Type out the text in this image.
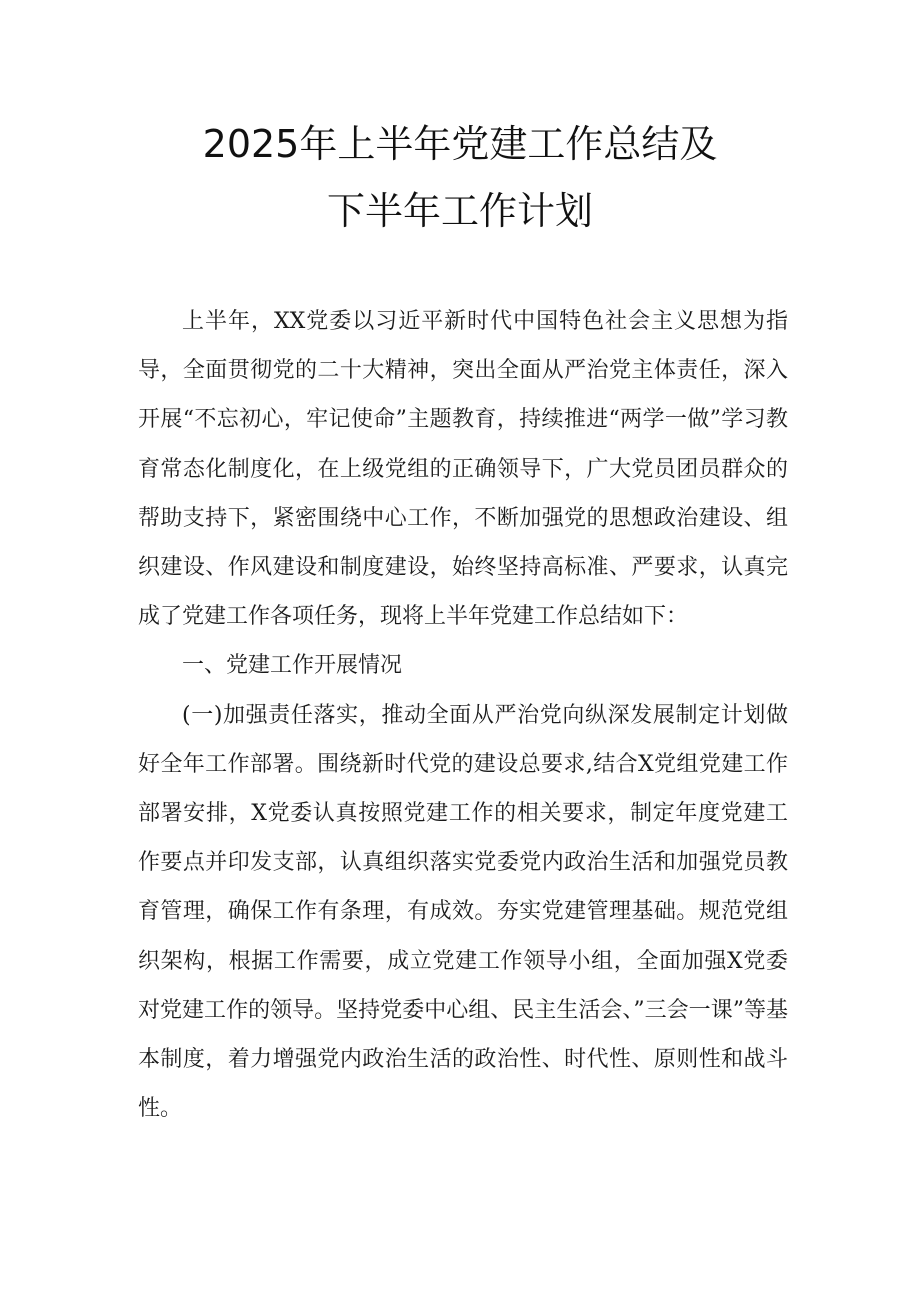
2025年上半年党建工作总结及
下半年工作计划

上半年，XX党委以习近平新时代中国特色社会主义思想为指导，全面贯彻党的二十大精神，突出全面从严治党主体责任，深入开展“不忘初心，牢记使命”主题教育，持续推进“两学一做”学习教育常态化制度化，在上级党组的正确领导下，广大党员团员群众的帮助支持下，紧密围绕中心工作，不断加强党的思想政治建设、组织建设、作风建设和制度建设，始终坚持高标准、严要求，认真完成了党建工作各项任务，现将上半年党建工作总结如下：

一、党建工作开展情况

(一)加强责任落实，推动全面从严治党向纵深发展制定计划做好全年工作部署。围绕新时代党的建设总要求,结合X党组党建工作部署安排，X党委认真按照党建工作的相关要求，制定年度党建工作要点并印发支部，认真组织落实党委党内政治生活和加强党员教育管理，确保工作有条理，有成效。夯实党建管理基础。规范党组织架构，根据工作需要，成立党建工作领导小组，全面加强X党委对党建工作的领导。坚持党委中心组、民主生活会、”三会一课”等基本制度，着力增强党内政治生活的政治性、时代性、原则性和战斗性。
